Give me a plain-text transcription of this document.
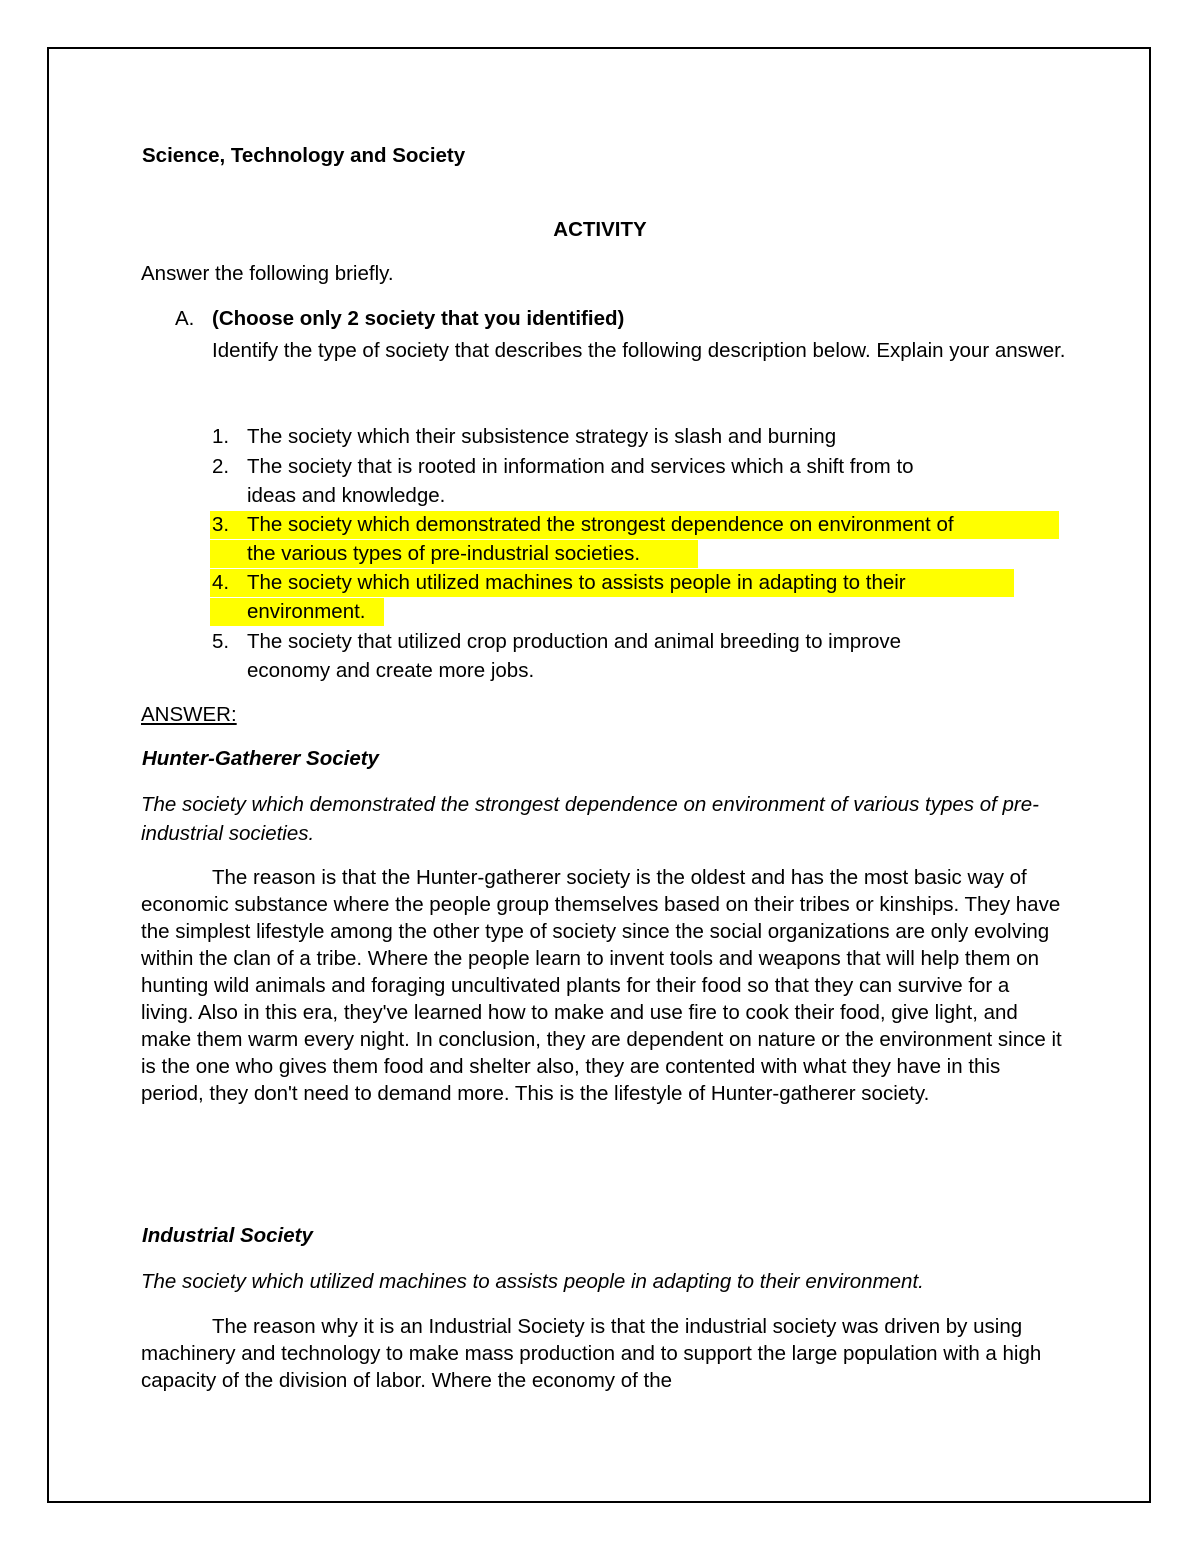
Science, Technology and Society
ACTIVITY
Answer the following briefly.
A. (Choose only 2 society that you identified)
Identify the type of society that describes the following description below. Explain your answer.
1. The society which their subsistence strategy is slash and burning
2. The society that is rooted in information and services which a shift from to
ideas and knowledge.
3. The society which demonstrated the strongest dependence on environment of
the various types of pre-industrial societies.
4. The society which utilized machines to assists people in adapting to their
environment.
5. The society that utilized crop production and animal breeding to improve
economy and create more jobs.
ANSWER:
Hunter-Gatherer Society
The society which demonstrated the strongest dependence on environment of various types of pre-industrial societies.
The reason is that the Hunter-gatherer society is the oldest and has the most basic way of economic substance where the people group themselves based on their tribes or kinships. They have the simplest lifestyle among the other type of society since the social organizations are only evolving within the clan of a tribe. Where the people learn to invent tools and weapons that will help them on hunting wild animals and foraging uncultivated plants for their food so that they can survive for a living. Also in this era, they've learned how to make and use fire to cook their food, give light, and make them warm every night. In conclusion, they are dependent on nature or the environment since it is the one who gives them food and shelter also, they are contented with what they have in this period, they don't need to demand more. This is the lifestyle of Hunter-gatherer society.
Industrial Society
The society which utilized machines to assists people in adapting to their environment.
The reason why it is an Industrial Society is that the industrial society was driven by using machinery and technology to make mass production and to support the large population with a high capacity of the division of labor. Where the economy of the
